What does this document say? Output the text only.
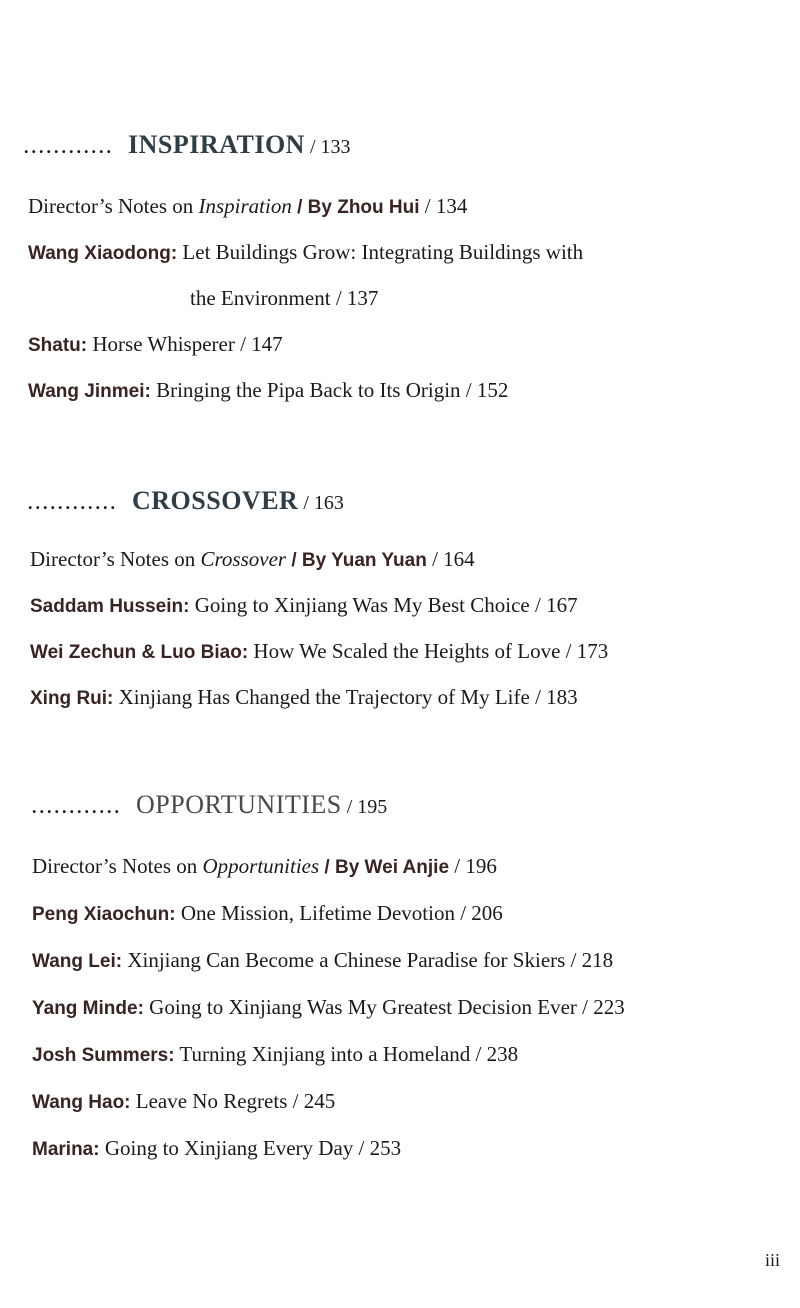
............ INSPIRATION / 133
Director’s Notes on Inspiration / By Zhou Hui / 134
Wang Xiaodong: Let Buildings Grow: Integrating Buildings with
the Environment / 137
Shatu: Horse Whisperer / 147
Wang Jinmei: Bringing the Pipa Back to Its Origin / 152
............ CROSSOVER / 163
Director’s Notes on Crossover / By Yuan Yuan / 164
Saddam Hussein: Going to Xinjiang Was My Best Choice / 167
Wei Zechun & Luo Biao: How We Scaled the Heights of Love / 173
Xing Rui: Xinjiang Has Changed the Trajectory of My Life / 183
............ OPPORTUNITIES / 195
Director’s Notes on Opportunities / By Wei Anjie / 196
Peng Xiaochun: One Mission, Lifetime Devotion / 206
Wang Lei: Xinjiang Can Become a Chinese Paradise for Skiers / 218
Yang Minde: Going to Xinjiang Was My Greatest Decision Ever / 223
Josh Summers: Turning Xinjiang into a Homeland / 238
Wang Hao: Leave No Regrets / 245
Marina: Going to Xinjiang Every Day / 253
iii
